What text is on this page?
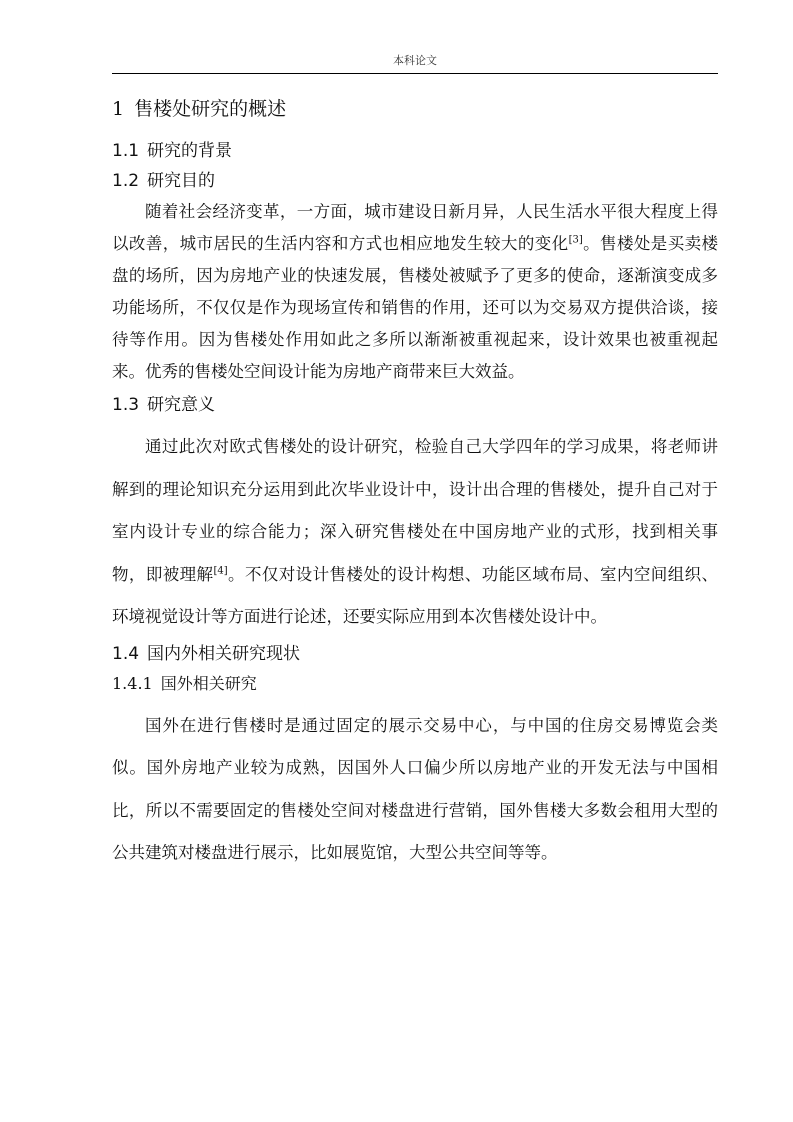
本科论文
1 售楼处研究的概述
1.1 研究的背景
1.2 研究目的

随着社会经济变革，一方面，城市建设日新月异，人民生活水平很大程度上得以改善，城市居民的生活内容和方式也相应地发生较大的变化[3]。售楼处是买卖楼盘的场所，因为房地产业的快速发展，售楼处被赋予了更多的使命，逐渐演变成多功能场所，不仅仅是作为现场宣传和销售的作用，还可以为交易双方提供洽谈，接待等作用。因为售楼处作用如此之多所以渐渐被重视起来，设计效果也被重视起来。优秀的售楼处空间设计能为房地产商带来巨大效益。

1.3 研究意义

通过此次对欧式售楼处的设计研究，检验自己大学四年的学习成果，将老师讲解到的理论知识充分运用到此次毕业设计中，设计出合理的售楼处，提升自己对于室内设计专业的综合能力；深入研究售楼处在中国房地产业的式形，找到相关事物，即被理解[4]。不仅对设计售楼处的设计构想、功能区域布局、室内空间组织、环境视觉设计等方面进行论述，还要实际应用到本次售楼处设计中。

1.4 国内外相关研究现状
1.4.1 国外相关研究

国外在进行售楼时是通过固定的展示交易中心，与中国的住房交易博览会类似。国外房地产业较为成熟，因国外人口偏少所以房地产业的开发无法与中国相比，所以不需要固定的售楼处空间对楼盘进行营销，国外售楼大多数会租用大型的公共建筑对楼盘进行展示，比如展览馆，大型公共空间等等。
